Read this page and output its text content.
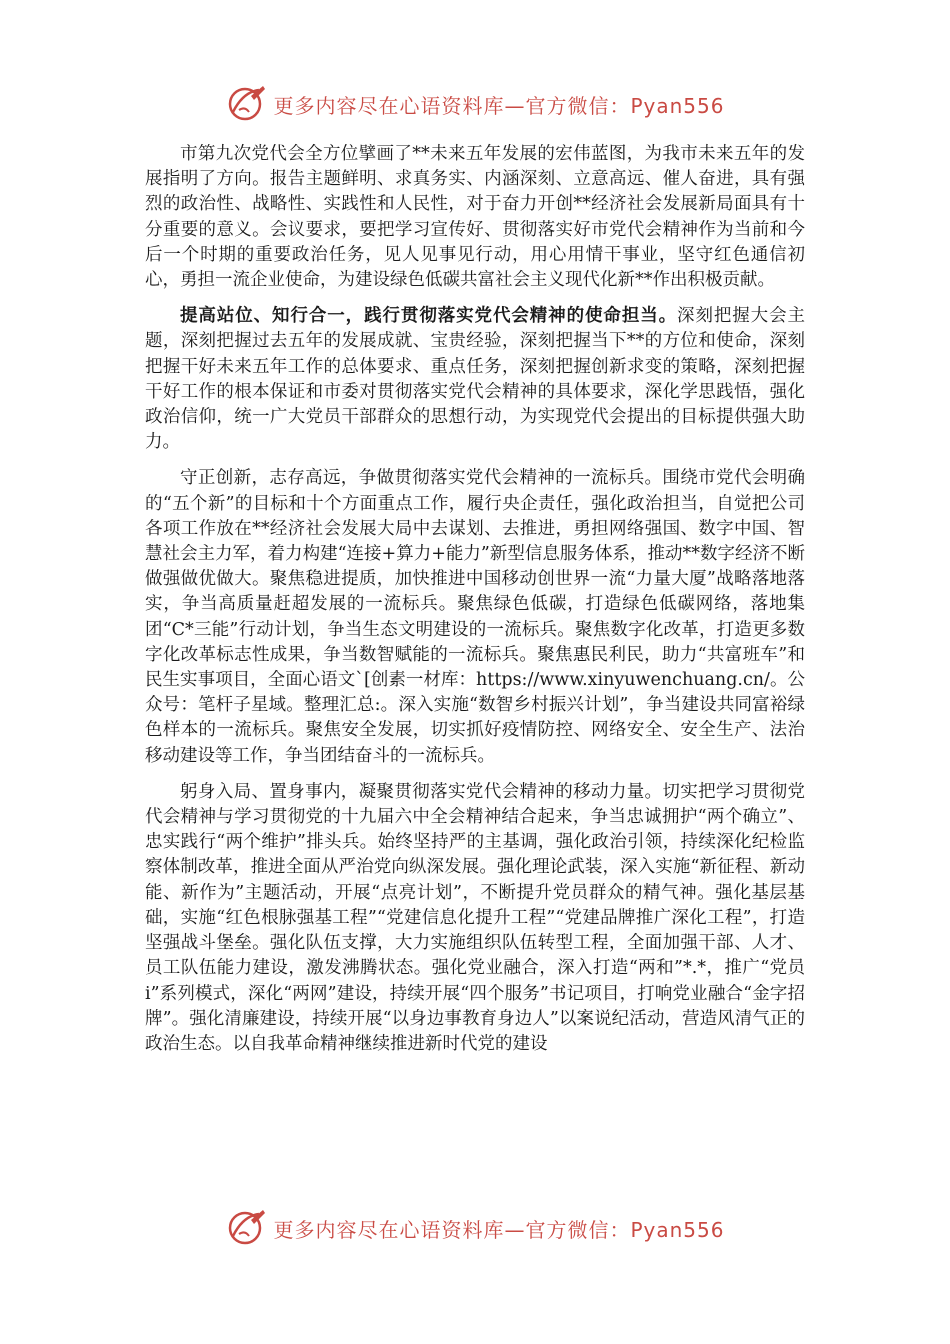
更多内容尽在心语资料库—官方微信：Pyan556

市第九次党代会全方位擘画了**未来五年发展的宏伟蓝图，为我市未来五年的发展指明了方向。报告主题鲜明、求真务实、内涵深刻、立意高远、催人奋进，具有强烈的政治性、战略性、实践性和人民性，对于奋力开创**经济社会发展新局面具有十分重要的意义。会议要求，要把学习宣传好、贯彻落实好市党代会精神作为当前和今后一个时期的重要政治任务，见人见事见行动，用心用情干事业，坚守红色通信初心，勇担一流企业使命，为建设绿色低碳共富社会主义现代化新**作出积极贡献。

提高站位、知行合一，践行贯彻落实党代会精神的使命担当。深刻把握大会主题，深刻把握过去五年的发展成就、宝贵经验，深刻把握当下**的方位和使命，深刻把握干好未来五年工作的总体要求、重点任务，深刻把握创新求变的策略，深刻把握干好工作的根本保证和市委对贯彻落实党代会精神的具体要求，深化学思践悟，强化政治信仰，统一广大党员干部群众的思想行动，为实现党代会提出的目标提供强大助力。

守正创新，志存高远，争做贯彻落实党代会精神的一流标兵。围绕市党代会明确的“五个新”的目标和十个方面重点工作，履行央企责任，强化政治担当，自觉把公司各项工作放在**经济社会发展大局中去谋划、去推进，勇担网络强国、数字中国、智慧社会主力军，着力构建“连接+算力+能力”新型信息服务体系，推动**数字经济不断做强做优做大。聚焦稳进提质，加快推进中国移动创世界一流“力量大厦”战略落地落实，争当高质量赶超发展的一流标兵。聚焦绿色低碳，打造绿色低碳网络，落地集团“C*三能”行动计划，争当生态文明建设的一流标兵。聚焦数字化改革，打造更多数字化改革标志性成果，争当数智赋能的一流标兵。聚焦惠民利民，助力“共富班车”和民生实事项目，全面心语文`[创素一材库：https://www.xinyuwenchuang.cn/。公众号：笔杆子星域。整理汇总:。深入实施“数智乡村振兴计划”，争当建设共同富裕绿色样本的一流标兵。聚焦安全发展，切实抓好疫情防控、网络安全、安全生产、法治移动建设等工作，争当团结奋斗的一流标兵。

躬身入局、置身事内，凝聚贯彻落实党代会精神的移动力量。切实把学习贯彻党代会精神与学习贯彻党的十九届六中全会精神结合起来，争当忠诚拥护“两个确立”、忠实践行“两个维护”排头兵。始终坚持严的主基调，强化政治引领，持续深化纪检监察体制改革，推进全面从严治党向纵深发展。强化理论武装，深入实施“新征程、新动能、新作为”主题活动，开展“点亮计划”，不断提升党员群众的精气神。强化基层基础，实施“红色根脉强基工程”“党建信息化提升工程”“党建品牌推广深化工程”，打造坚强战斗堡垒。强化队伍支撑，大力实施组织队伍转型工程，全面加强干部、人才、员工队伍能力建设，激发沸腾状态。强化党业融合，深入打造“两和”*.*，推广“党员i”系列模式，深化“两网”建设，持续开展“四个服务”书记项目，打响党业融合“金字招牌”。强化清廉建设，持续开展“以身边事教育身边人”以案说纪活动，营造风清气正的政治生态。以自我革命精神继续推进新时代党的建设

更多内容尽在心语资料库—官方微信：Pyan556
